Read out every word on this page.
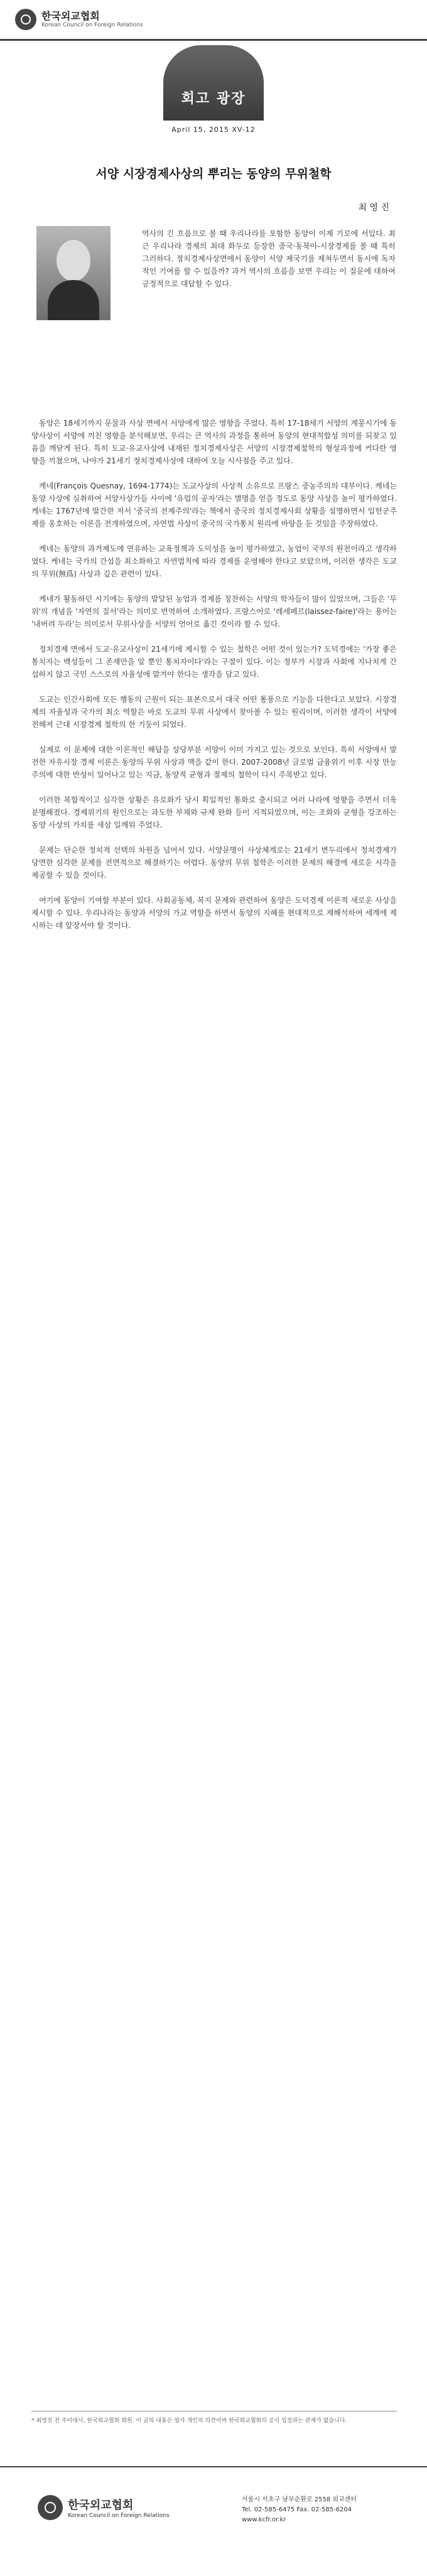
한국외교협회
Korean Council on Foreign Relations
회고 광장
April 15, 2015 XV-12
서양 시장경제사상의 뿌리는 동양의 무위철학
최 영 진
역사의 긴 흐름으로 볼 때 우리나라를 포함한 동양이 이제 기로에 서있다. 최근 우리나라 경제의 최대 화두로 등장한 중국·동북아-시장경제를 볼 때 특히 그러하다. 정치경제사상면에서 동양이 서양 제국기를 제쳐두면서 동시에 독자적인 기여를 할 수 있을까? 과거 역사의 흐름을 보면 우리는 이 질문에 대하여 긍정적으로 대답할 수 있다.

동양은 18세기까지 문물과 사상 면에서 서양에게 많은 영향을 주었다. 특히 17-18세기 서양의 계몽시기에 동양사상이 서양에 끼친 영향을 분석해보면, 우리는 큰 역사의 과정을 통하여 동양의 현대적합성 의미를 되찾고 있음을 깨닫게 된다. 특히 도교·유교사상에 내재된 정치경제사상은 서양의 시장경제철학의 형성과정에 커다란 영향을 끼쳤으며, 나아가 21세기 정치경제사상에 대하여 오늘 시사점을 주고 있다.

케네(François Quesnay, 1694-1774)는 도교사상의 사상적 소유으로 프랑스 중농주의의 대부이다. 케네는 동양 사상에 심취하여 서양사상가들 사이에 '유럽의 공자'라는 별명을 얻을 정도로 동양 사상을 높이 평가하였다. 케네는 1767년에 발간한 저서 '중국의 전제주의'라는 책에서 중국의 정치경제사회 상황을 설명하면서 입헌군주제를 옹호하는 이론을 전개하였으며, 자연법 사상이 중국의 국가통치 원리에 바탕을 둔 것임을 주장하였다.

케네는 동양의 과거제도에 연유하는 교육정책과 도덕성을 높이 평가하였고, 농업이 국부의 원천이라고 생각하였다. 케네는 국가의 간섭을 최소화하고 자연법칙에 따라 경제를 운영해야 한다고 보았으며, 이러한 생각은 도교의 무위(無爲) 사상과 깊은 관련이 있다.

케네가 활동하던 시기에는 동양의 발달된 농업과 경제를 칭찬하는 서양의 학자들이 많이 있었으며, 그들은 '무위'의 개념을 '자연의 질서'라는 의미로 번역하여 소개하였다. 프랑스어로 '레세페르(laissez-faire)'라는 용어는 '내버려 두라'는 의미로서 무위사상을 서양의 언어로 옮긴 것이라 할 수 있다.

정치경제 면에서 도교·유교사상이 21세기에 제시할 수 있는 철학은 어떤 것이 있는가? 도덕경에는 '가장 좋은 통치자는 백성들이 그 존재만을 알 뿐인 통치자이다'라는 구절이 있다. 이는 정부가 시장과 사회에 지나치게 간섭하지 않고 국민 스스로의 자율성에 맡겨야 한다는 생각을 담고 있다.

도교는 인간사회에 모든 행동의 근원이 되는 표본으로서 대국 어떤 통풍으로 기능을 다한다고 보았다. 시장경제의 자율성과 국가의 최소 역할은 바로 도교의 무위 사상에서 찾아볼 수 있는 원리이며, 이러한 생각이 서양에 전해져 근대 시장경제 철학의 한 기둥이 되었다.

실제로 이 문제에 대한 이론적인 해답을 상당부분 서양이 이미 가지고 있는 것으로 보인다. 특히 서양에서 발전한 자유시장 경제 이론은 동양의 무위 사상과 맥을 같이 한다. 2007-2008년 글로벌 금융위기 이후 시장 만능주의에 대한 반성이 일어나고 있는 지금, 동양적 균형과 절제의 철학이 다시 주목받고 있다.

이러한 복합적이고 심각한 상황은 유로화가 당시 획일적인 통화로 출시되고 여러 나라에 영향을 주면서 더욱 분명해졌다. 경제위기의 원인으로는 과도한 부채와 규제 완화 등이 지적되었으며, 이는 조화와 균형을 강조하는 동양 사상의 가치를 새삼 일깨워 주었다.

문제는 단순한 정치적 선택의 차원을 넘어서 있다. 서양문명이 사상체계로는 21세기 변두리에서 정치경제가 당면한 심각한 문제를 전면적으로 해결하기는 어렵다. 동양의 무위 철학은 이러한 문제의 해결에 새로운 시각을 제공할 수 있을 것이다.

여기에 동양이 기여할 부분이 있다. 사회공동체, 복지 문제와 관련하여 동양은 도덕경제 이론적 새로운 사상을 제시할 수 있다. 우리나라는 동양과 서양의 가교 역할을 하면서 동양의 지혜를 현대적으로 재해석하여 세계에 제시하는 데 앞장서야 할 것이다.

* 최영진 전 주미대사, 한국외교협회 회원. 이 글의 내용은 필자 개인의 의견이며 한국외교협회의 공식 입장과는 관계가 없습니다.
한국외교협회
Korean Council on Foreign Relations
서울시 서초구 남부순환로 2558 외교센터
Tel. 02-585-6475 Fax. 02-585-6204
www.kcfr.or.kr
